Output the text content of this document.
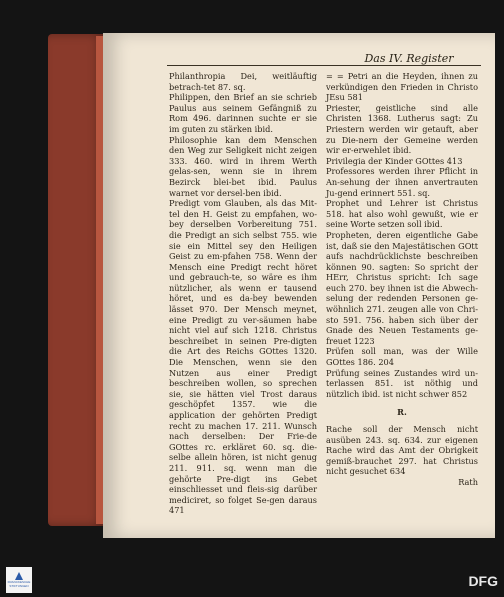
Das IV. Register

Philanthropia Dei, weitläuftig betrach-tet 87. sq.

Philippen, den Brief an sie schrieb Paulus aus seinem Gefängniß zu Rom 496. darinnen suchte er sie im guten zu stärken ibid.

Philosophie kan dem Menschen den Weg zur Seligkeit nicht zeigen 333. 460. wird in ihrem Werth gelas-sen, wenn sie in ihrem Bezirck blei-bet ibid. Paulus warnet vor dersel-ben ibid.

Predigt vom Glauben, als das Mit-tel den H. Geist zu empfahen, wo-bey derselben Vorbereitung 751. die Predigt an sich selbst 755. wie sie ein Mittel sey den Heiligen Geist zu em-pfahen 758. Wenn der Mensch eine Predigt recht höret und gebrauch-te, so wäre es ihm nützlicher, als wenn er tausend höret, und es da-bey bewenden lässet 970. Der Mensch meynet, eine Predigt zu ver-säumen habe nicht viel auf sich 1218. Christus beschreibet in seinen Pre-digten die Art des Reichs GOttes 1320. Die Menschen, wenn sie den Nutzen aus einer Predigt beschreiben wollen, so sprechen sie, sie hätten viel Trost daraus geschöpfet 1357. wie die application der gehörten Predigt recht zu machen 17. 211. Wunsch nach derselben: Der Frie-de GOttes rc. erkläret 60. sq. die-selbe allein hören, ist nicht genug 211. 911. sq. wenn man die gehörte Pre-digt ins Gebet einschliesset und fleis-sig darüber mediciret, so folget Se-gen daraus 471

= = Petri an die Heyden, ihnen zu verkündigen den Frieden in Christo JEsu 581

Priester, geistliche sind alle Christen 1368. Lutherus sagt: Zu Priestern werden wir getauft, aber zu Die-nern der Gemeine werden wir er-erwehlet ibid.

Privilegia der Kinder GOttes 413

Professores werden ihrer Pflicht in An-sehung der ihnen anvertrauten Ju-gend erinnert 551. sq.

Prophet und Lehrer ist Christus 518. hat also wohl gewußt, wie er seine Worte setzen soll ibid.

Propheten, deren eigentliche Gabe ist, daß sie den Majestätischen GOtt aufs nachdrücklichste beschreiben können 90. sagten: So spricht der HErr, Christus spricht: Ich sage euch 270. bey ihnen ist die Abwech-selung der redenden Personen ge-wöhnlich 271. zeugen alle von Chri-sto 591. 756. haben sich über der Gnade des Neuen Testaments ge-freuet 1223

Prüfen soll man, was der Wille GOttes 186. 204

Prüfung seines Zustandes wird un-terlassen 851. ist nöthig und nützlich ibid. ist nicht schwer 852

R.

Rache soll der Mensch nicht ausüben 243. sq. 634. zur eigenen Rache wird das Amt der Obrigkeit gemiß-brauchet 297. hat Christus nicht gesuchet 634

Rath
FRANCKESCHE STIFTUNGEN	DFG
